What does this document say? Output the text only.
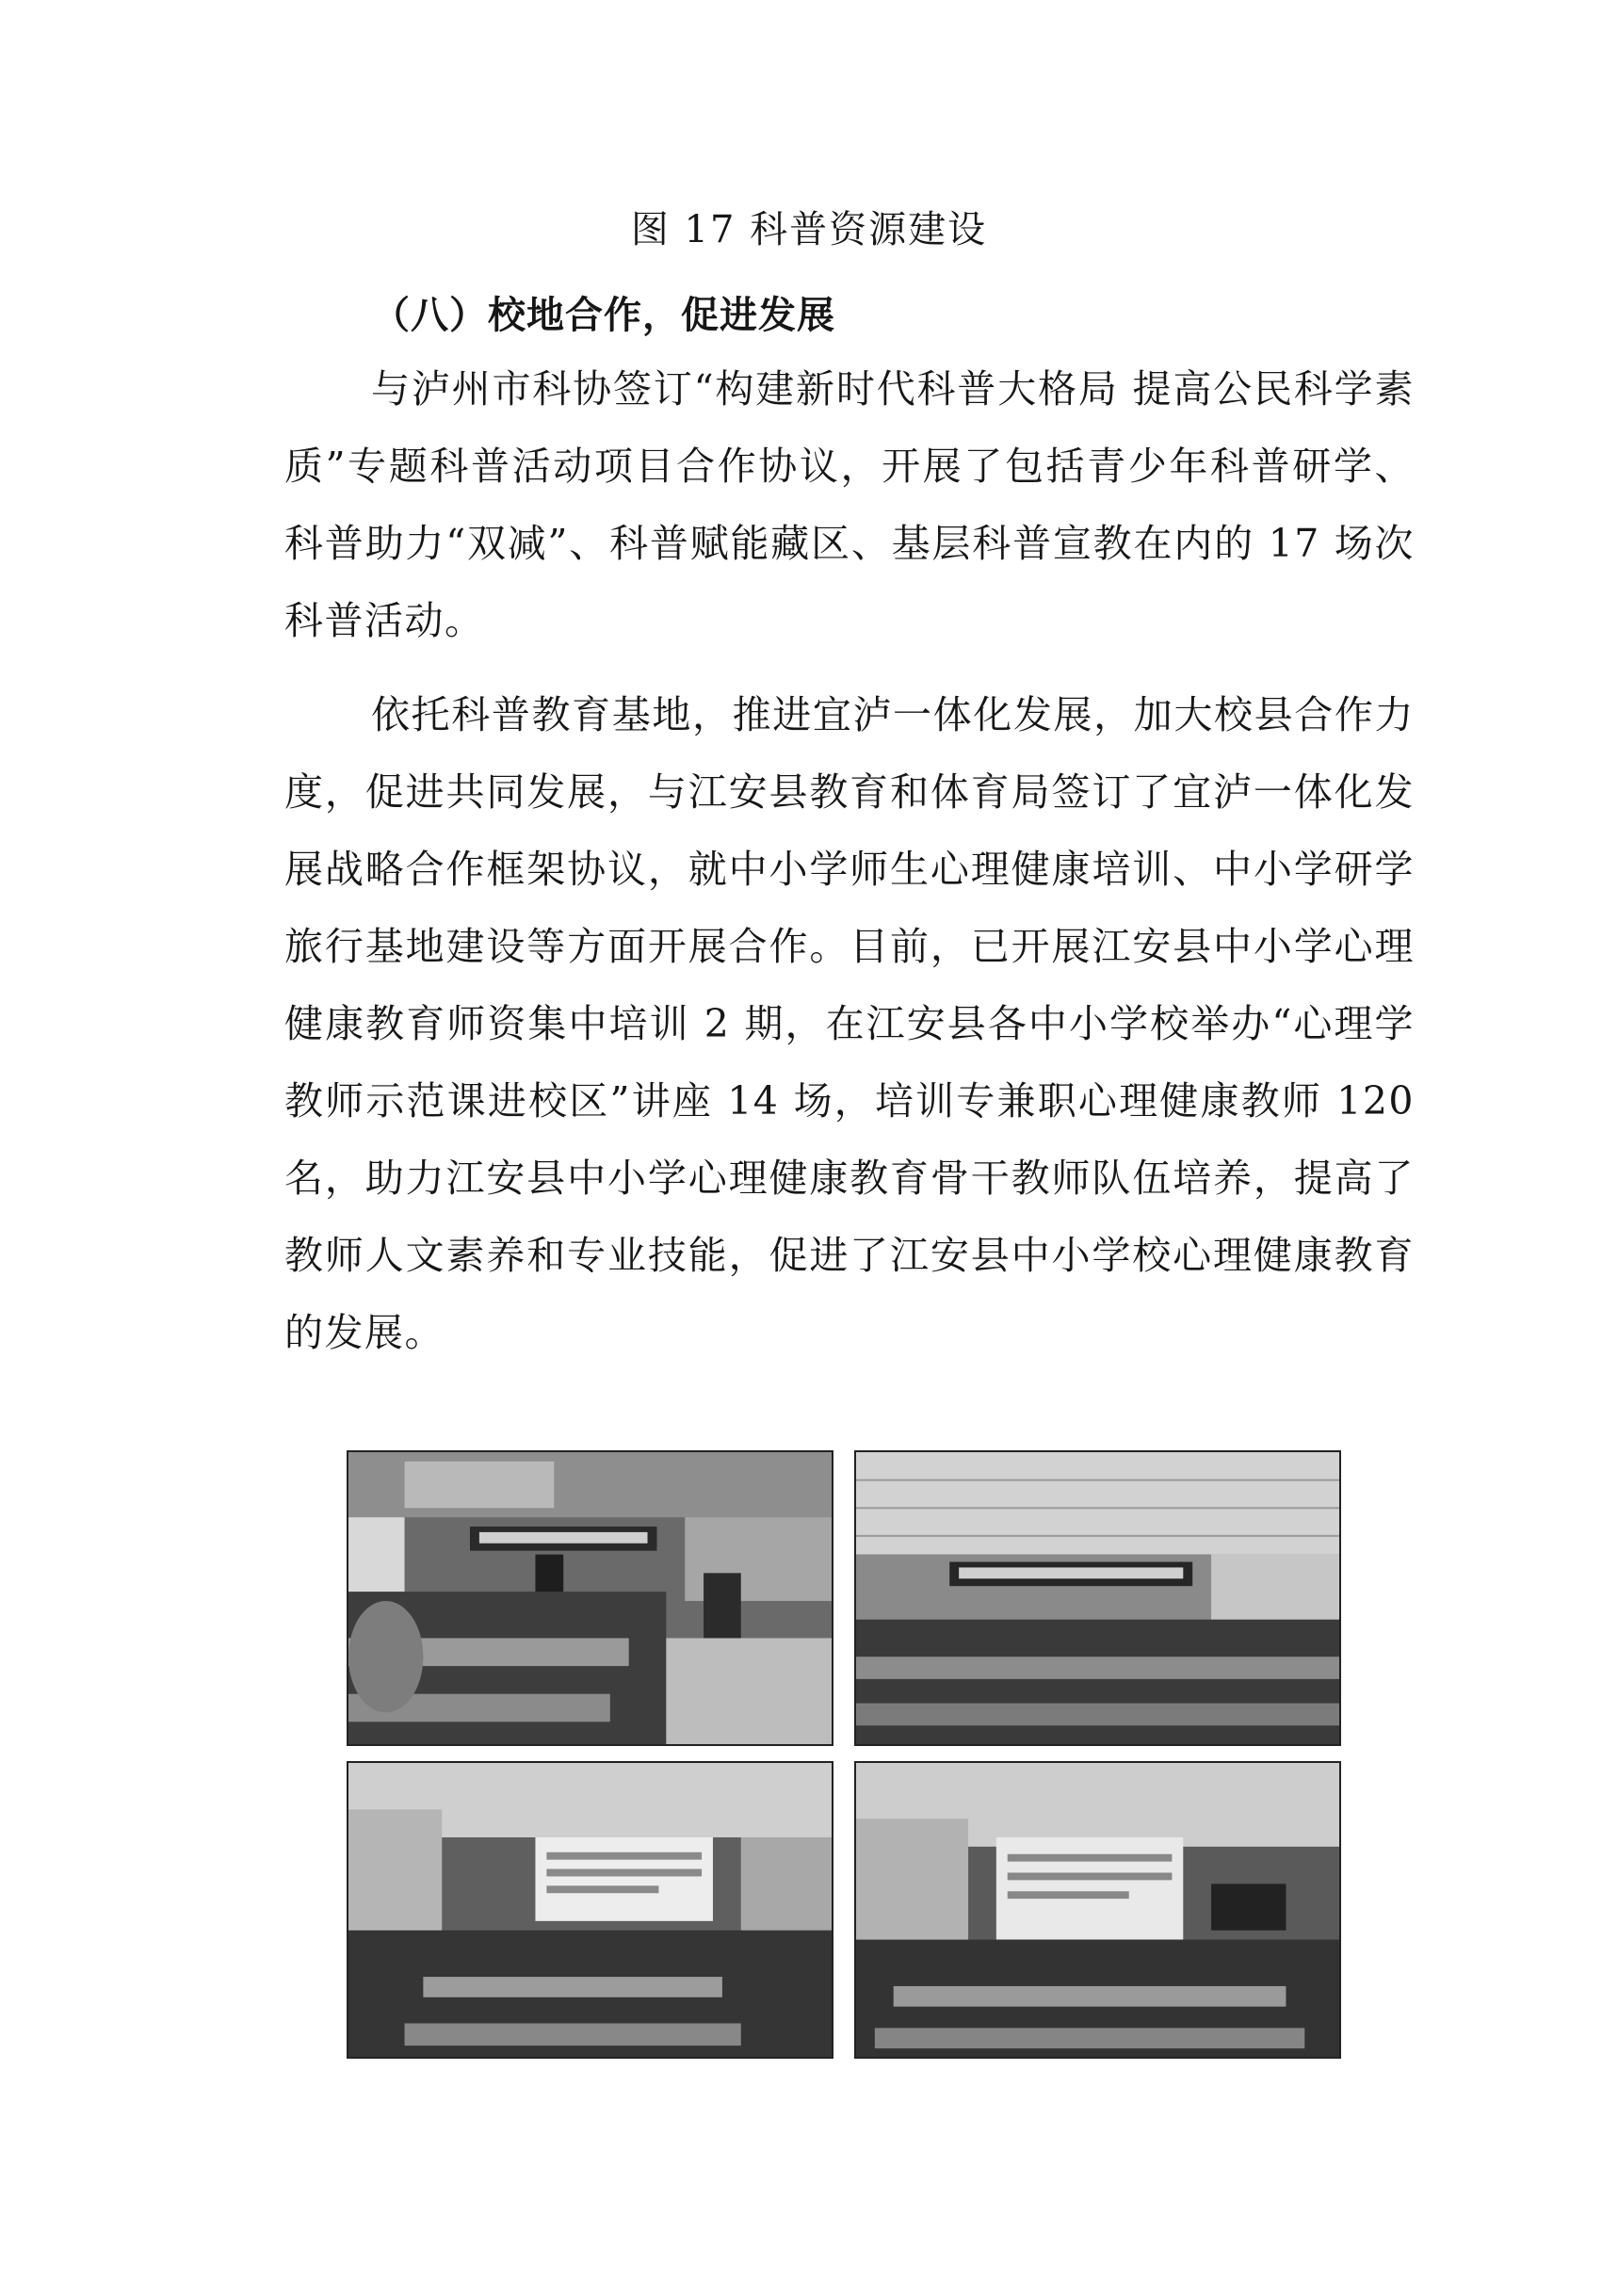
图 17 科普资源建设

（八）校地合作，促进发展

与泸州市科协签订“构建新时代科普大格局 提高公民科学素质”专题科普活动项目合作协议，开展了包括青少年科普研学、科普助力“双减”、科普赋能藏区、基层科普宣教在内的 17 场次科普活动。

依托科普教育基地，推进宜泸一体化发展，加大校县合作力度，促进共同发展，与江安县教育和体育局签订了宜泸一体化发展战略合作框架协议，就中小学师生心理健康培训、中小学研学旅行基地建设等方面开展合作。目前，已开展江安县中小学心理健康教育师资集中培训 2 期，在江安县各中小学校举办“心理学教师示范课进校区”讲座 14 场，培训专兼职心理健康教师 120 名，助力江安县中小学心理健康教育骨干教师队伍培养，提高了教师人文素养和专业技能，促进了江安县中小学校心理健康教育的发展。
